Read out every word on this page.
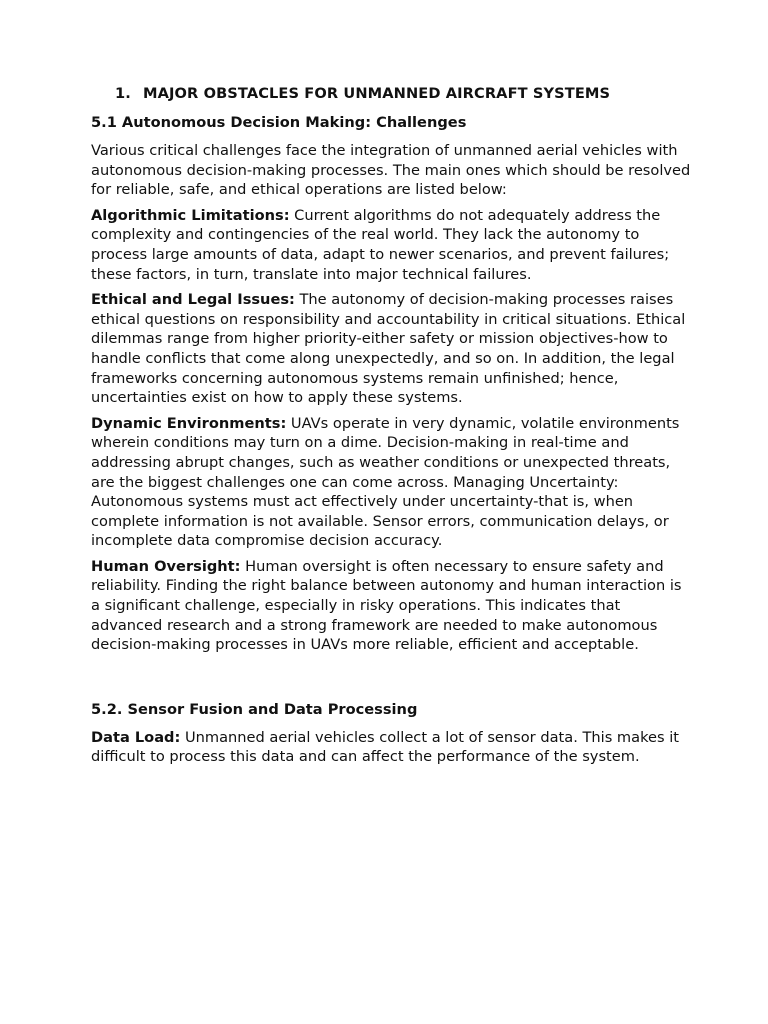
1. MAJOR OBSTACLES FOR UNMANNED AIRCRAFT SYSTEMS
5.1 Autonomous Decision Making: Challenges

Various critical challenges face the integration of unmanned aerial vehicles with autonomous decision-making processes. The main ones which should be resolved for reliable, safe, and ethical operations are listed below:

Algorithmic Limitations: Current algorithms do not adequately address the complexity and contingencies of the real world. They lack the autonomy to process large amounts of data, adapt to newer scenarios, and prevent failures; these factors, in turn, translate into major technical failures.

Ethical and Legal Issues: The autonomy of decision-making processes raises ethical questions on responsibility and accountability in critical situations. Ethical dilemmas range from higher priority-either safety or mission objectives-how to handle conflicts that come along unexpectedly, and so on. In addition, the legal frameworks concerning autonomous systems remain unfinished; hence, uncertainties exist on how to apply these systems.

Dynamic Environments: UAVs operate in very dynamic, volatile environments wherein conditions may turn on a dime. Decision-making in real-time and addressing abrupt changes, such as weather conditions or unexpected threats, are the biggest challenges one can come across. Managing Uncertainty: Autonomous systems must act effectively under uncertainty-that is, when complete information is not available. Sensor errors, communication delays, or incomplete data compromise decision accuracy.

Human Oversight: Human oversight is often necessary to ensure safety and reliability. Finding the right balance between autonomy and human interaction is a significant challenge, especially in risky operations. This indicates that advanced research and a strong framework are needed to make autonomous decision-making processes in UAVs more reliable, efficient and acceptable.

5.2. Sensor Fusion and Data Processing

Data Load: Unmanned aerial vehicles collect a lot of sensor data. This makes it difficult to process this data and can affect the performance of the system.
